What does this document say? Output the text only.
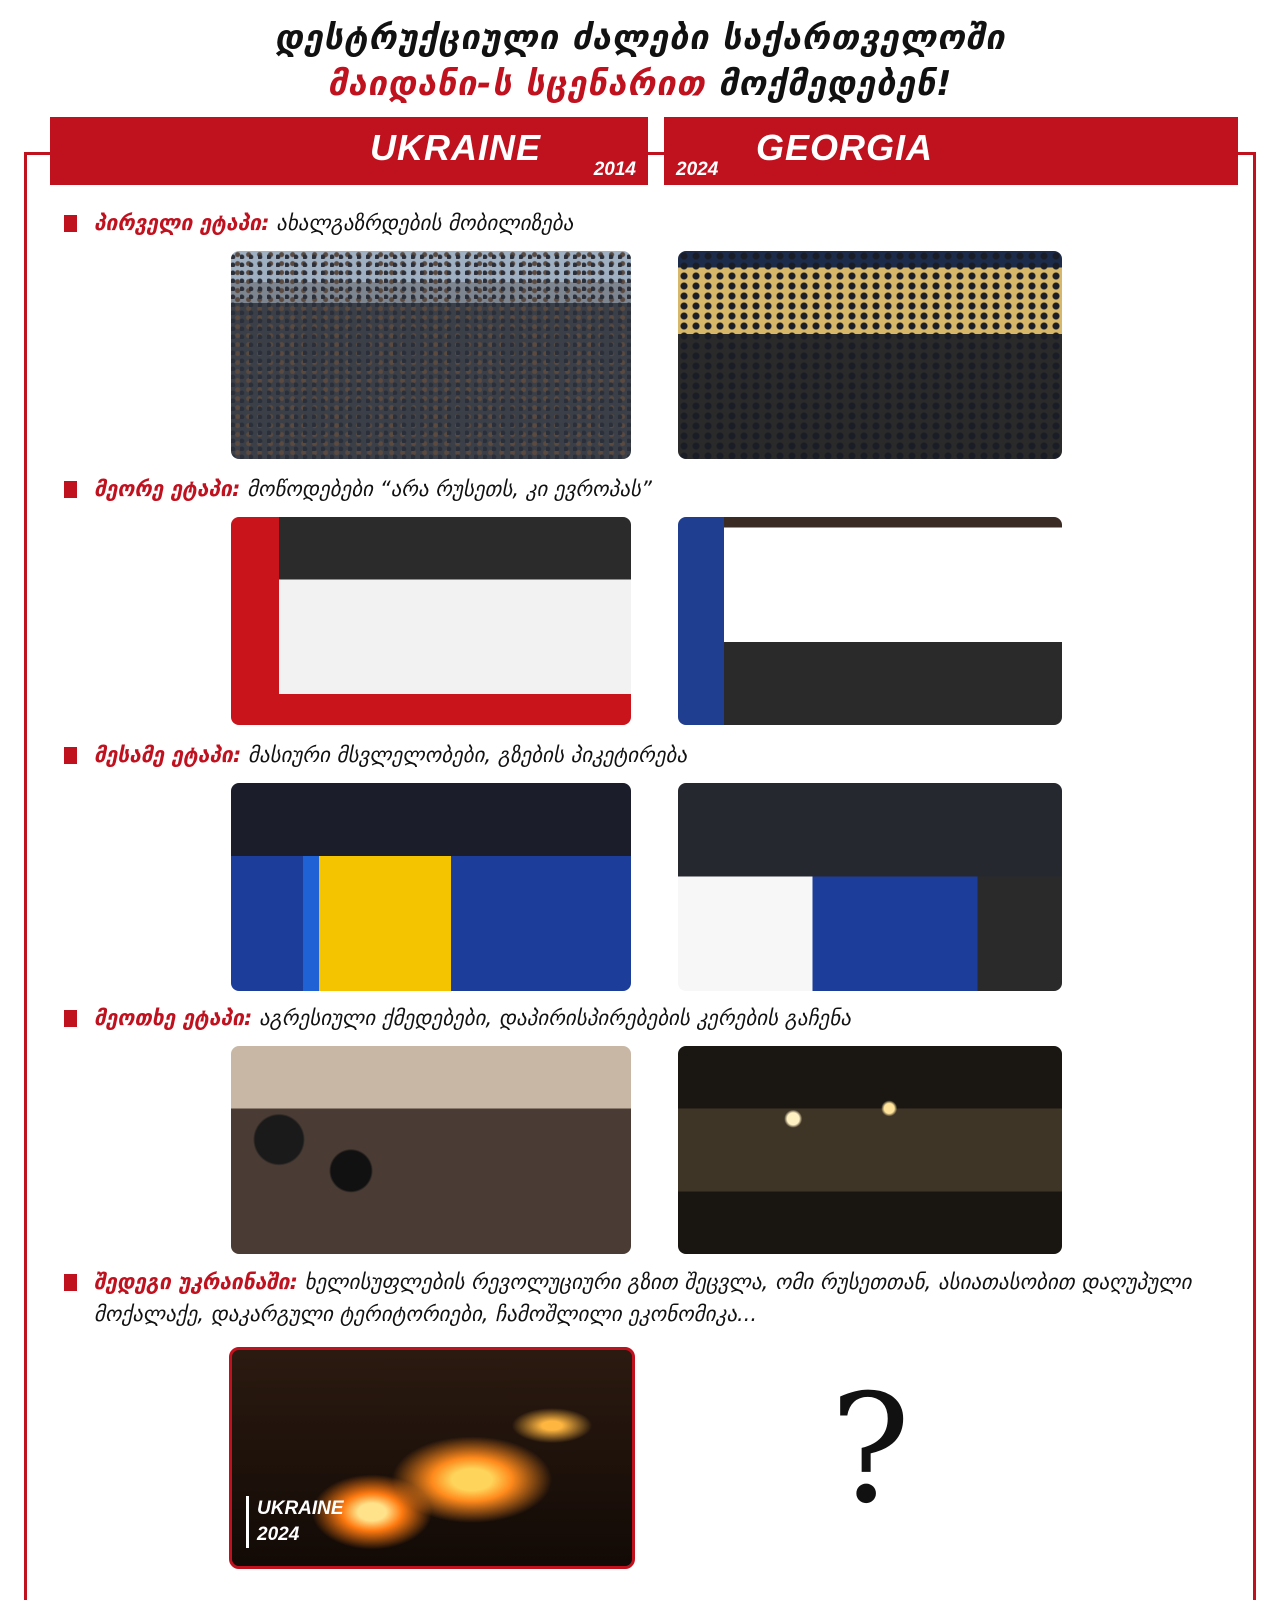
დესტრუქციული ძალები საქართველოში
მაიდანი-ს სცენარით მოქმედებენ!
UKRAINE
2014 2024
GEORGIA
პირველი ეტაპი: ახალგაზრდების მობილიზება
მეორე ეტაპი: მოწოდებები “არა რუსეთს, კი ევროპას”
მესამე ეტაპი: მასიური მსვლელობები, გზების პიკეტირება
მეოთხე ეტაპი: აგრესიული ქმედებები, დაპირისპირებების კერების გაჩენა
შედეგი უკრაინაში: ხელისუფლების რევოლუციური გზით შეცვლა, ომი რუსეთთან, ასიათასობით დაღუპული მოქალაქე, დაკარგული ტერიტორიები, ჩამოშლილი ეკონომიკა...
UKRAINE
2024	?
